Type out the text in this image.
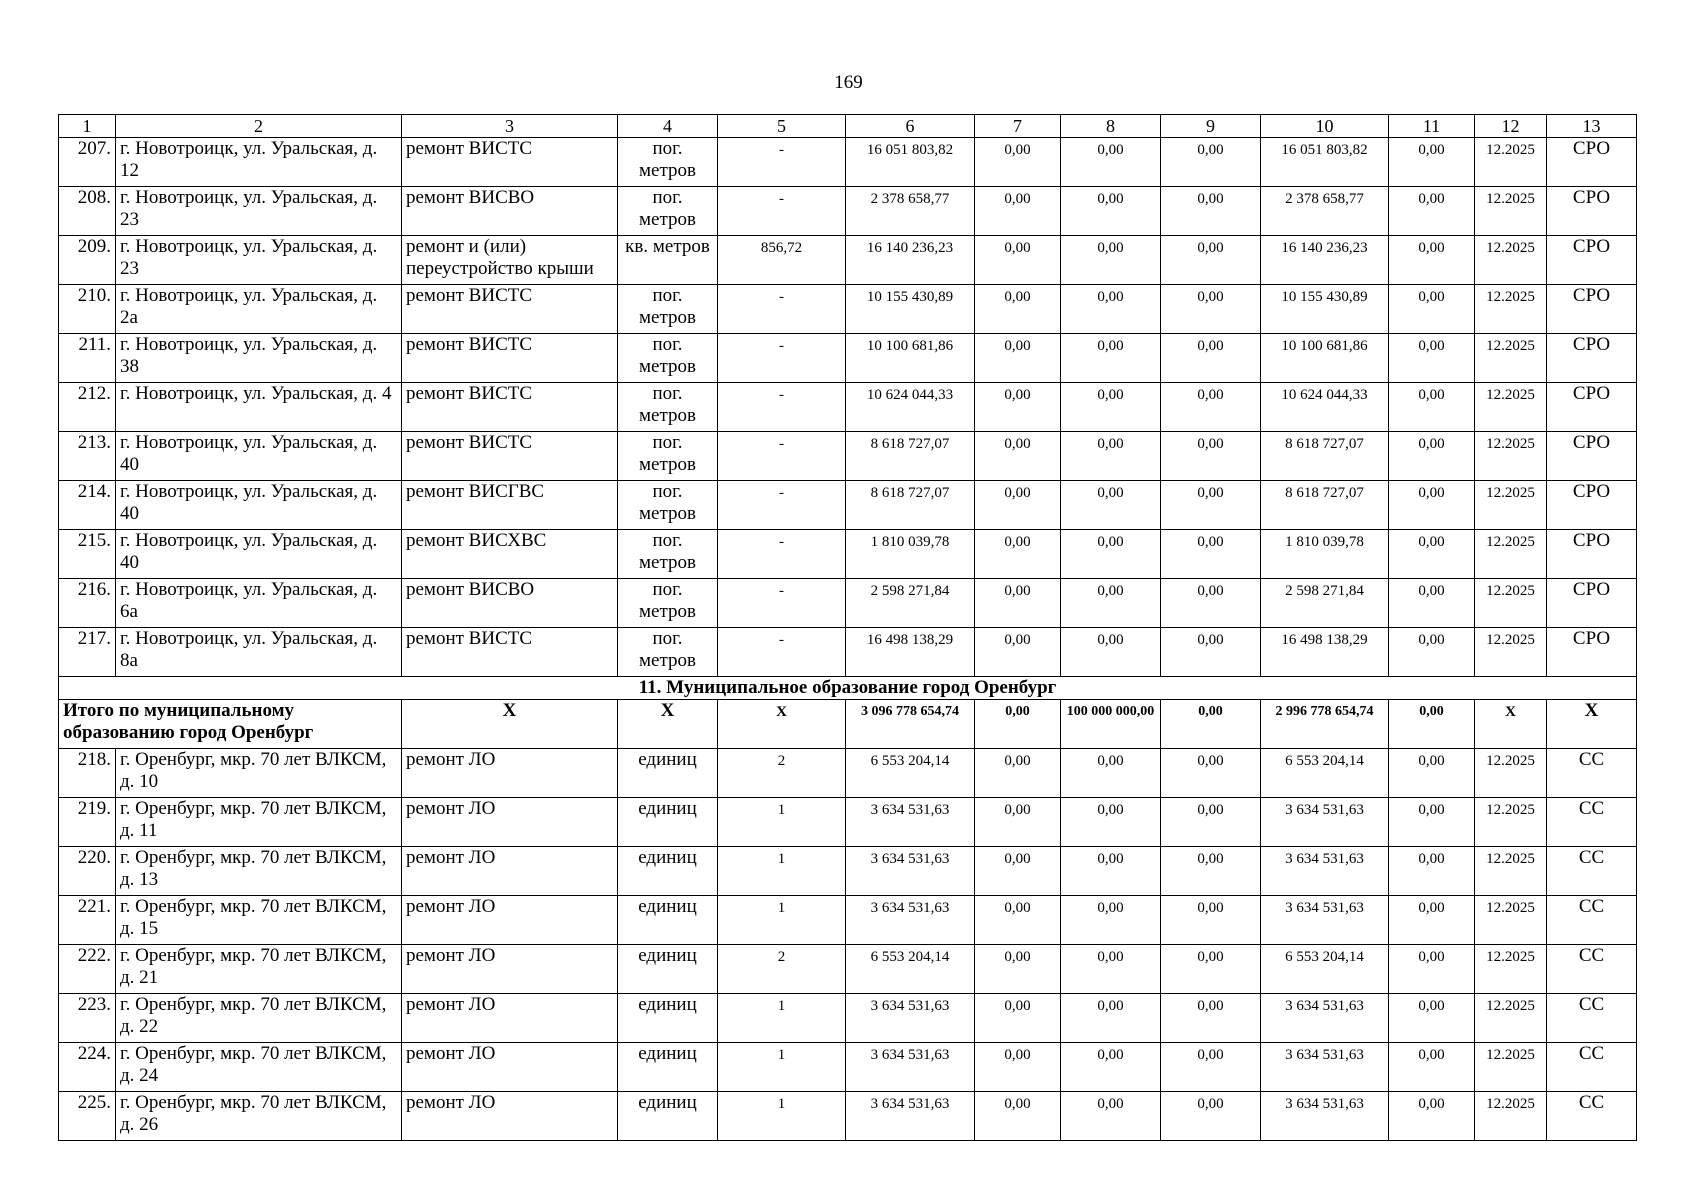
169
1	2	3	4	5	6	7	8	9	10	11	12	13
207.	г. Новотроицк, ул. Уральская, д. 12	ремонт ВИСТС	пог. метров	-	16 051 803,82	0,00	0,00	0,00	16 051 803,82	0,00	12.2025	СРО
208.	г. Новотроицк, ул. Уральская, д. 23	ремонт ВИСВО	пог. метров	-	2 378 658,77	0,00	0,00	0,00	2 378 658,77	0,00	12.2025	СРО
209.	г. Новотроицк, ул. Уральская, д. 23	ремонт и (или) переустройство крыши	кв. метров	856,72	16 140 236,23	0,00	0,00	0,00	16 140 236,23	0,00	12.2025	СРО
210.	г. Новотроицк, ул. Уральская, д. 2а	ремонт ВИСТС	пог. метров	-	10 155 430,89	0,00	0,00	0,00	10 155 430,89	0,00	12.2025	СРО
211.	г. Новотроицк, ул. Уральская, д. 38	ремонт ВИСТС	пог. метров	-	10 100 681,86	0,00	0,00	0,00	10 100 681,86	0,00	12.2025	СРО
212.	г. Новотроицк, ул. Уральская, д. 4	ремонт ВИСТС	пог. метров	-	10 624 044,33	0,00	0,00	0,00	10 624 044,33	0,00	12.2025	СРО
213.	г. Новотроицк, ул. Уральская, д. 40	ремонт ВИСТС	пог. метров	-	8 618 727,07	0,00	0,00	0,00	8 618 727,07	0,00	12.2025	СРО
214.	г. Новотроицк, ул. Уральская, д. 40	ремонт ВИСГВС	пог. метров	-	8 618 727,07	0,00	0,00	0,00	8 618 727,07	0,00	12.2025	СРО
215.	г. Новотроицк, ул. Уральская, д. 40	ремонт ВИСХВС	пог. метров	-	1 810 039,78	0,00	0,00	0,00	1 810 039,78	0,00	12.2025	СРО
216.	г. Новотроицк, ул. Уральская, д. 6а	ремонт ВИСВО	пог. метров	-	2 598 271,84	0,00	0,00	0,00	2 598 271,84	0,00	12.2025	СРО
217.	г. Новотроицк, ул. Уральская, д. 8а	ремонт ВИСТС	пог. метров	-	16 498 138,29	0,00	0,00	0,00	16 498 138,29	0,00	12.2025	СРО
11. Муниципальное образование город Оренбург												
Итого по муниципальному образованию город Оренбург		Х	Х	Х	3 096 778 654,74	0,00	100 000 000,00	0,00	2 996 778 654,74	0,00	Х	Х
218.	г. Оренбург, мкр. 70 лет ВЛКСМ, д. 10	ремонт ЛО	единиц	2	6 553 204,14	0,00	0,00	0,00	6 553 204,14	0,00	12.2025	СС
219.	г. Оренбург, мкр. 70 лет ВЛКСМ, д. 11	ремонт ЛО	единиц	1	3 634 531,63	0,00	0,00	0,00	3 634 531,63	0,00	12.2025	СС
220.	г. Оренбург, мкр. 70 лет ВЛКСМ, д. 13	ремонт ЛО	единиц	1	3 634 531,63	0,00	0,00	0,00	3 634 531,63	0,00	12.2025	СС
221.	г. Оренбург, мкр. 70 лет ВЛКСМ, д. 15	ремонт ЛО	единиц	1	3 634 531,63	0,00	0,00	0,00	3 634 531,63	0,00	12.2025	СС
222.	г. Оренбург, мкр. 70 лет ВЛКСМ, д. 21	ремонт ЛО	единиц	2	6 553 204,14	0,00	0,00	0,00	6 553 204,14	0,00	12.2025	СС
223.	г. Оренбург, мкр. 70 лет ВЛКСМ, д. 22	ремонт ЛО	единиц	1	3 634 531,63	0,00	0,00	0,00	3 634 531,63	0,00	12.2025	СС
224.	г. Оренбург, мкр. 70 лет ВЛКСМ, д. 24	ремонт ЛО	единиц	1	3 634 531,63	0,00	0,00	0,00	3 634 531,63	0,00	12.2025	СС
225.	г. Оренбург, мкр. 70 лет ВЛКСМ, д. 26	ремонт ЛО	единиц	1	3 634 531,63	0,00	0,00	0,00	3 634 531,63	0,00	12.2025	СС
